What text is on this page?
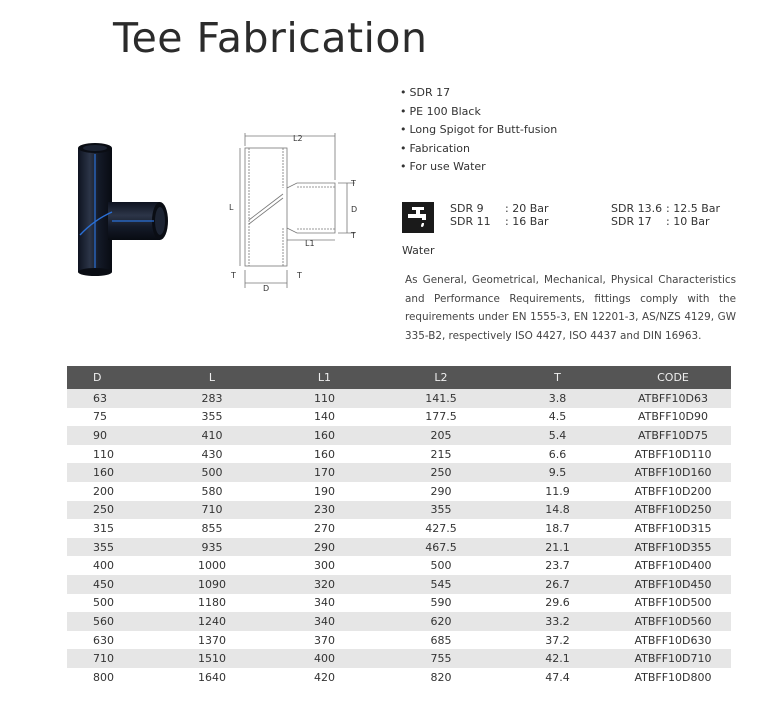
Tee Fabrication
L2
L
L1
D
D
T
T
T	T
• SDR 17
• PE 100 Black
• Long Spigot for Butt-fusion
• Fabrication
• For use Water
Water
SDR 9 : 20 Bar
SDR 11 : 16 Bar
SDR 13.6 : 12.5 Bar
SDR 17 : 10 Bar

As General, Geometrical, Mechanical, Physical Characteristics and Performance Requirements, fittings comply with the requirements under EN 1555-3, EN 12201-3, AS/NZS 4129, GW 335-B2, respectively ISO 4427, ISO 4437 and DIN 16963.

D	L	L1	L2	T	CODE
63	283	110	141.5	3.8	ATBFF10D63
75	355	140	177.5	4.5	ATBFF10D90
90	410	160	205	5.4	ATBFF10D75
110	430	160	215	6.6	ATBFF10D110
160	500	170	250	9.5	ATBFF10D160
200	580	190	290	11.9	ATBFF10D200
250	710	230	355	14.8	ATBFF10D250
315	855	270	427.5	18.7	ATBFF10D315
355	935	290	467.5	21.1	ATBFF10D355
400	1000	300	500	23.7	ATBFF10D400
450	1090	320	545	26.7	ATBFF10D450
500	1180	340	590	29.6	ATBFF10D500
560	1240	340	620	33.2	ATBFF10D560
630	1370	370	685	37.2	ATBFF10D630
710	1510	400	755	42.1	ATBFF10D710
800	1640	420	820	47.4	ATBFF10D800
